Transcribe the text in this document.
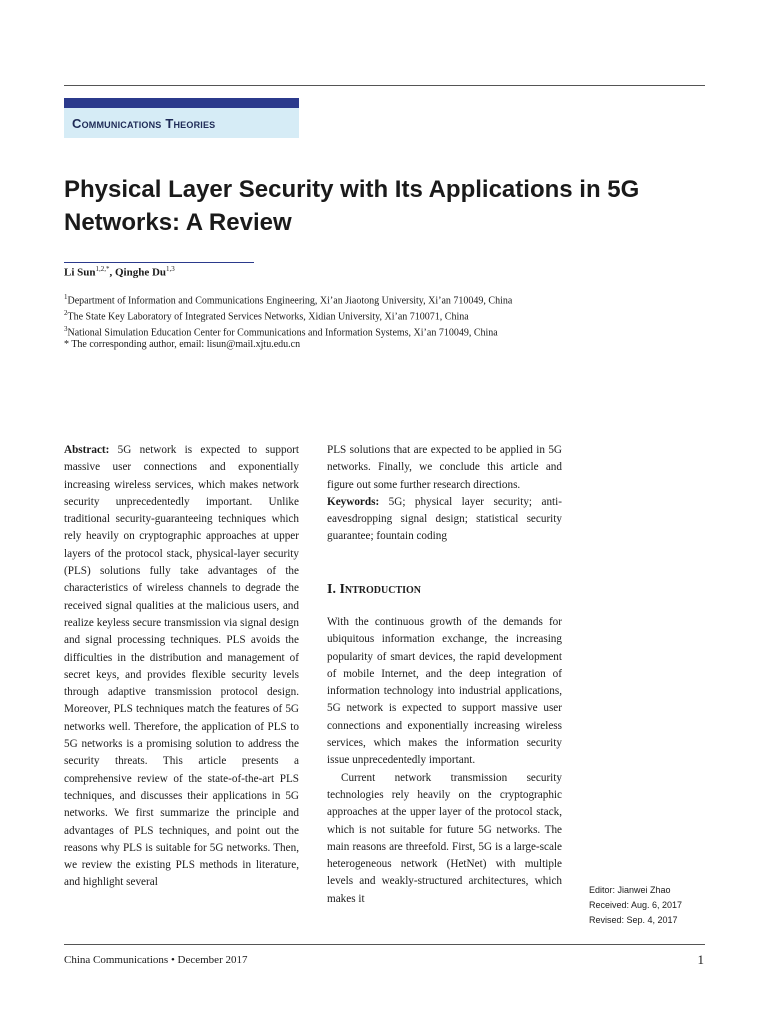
Communications Theories
Physical Layer Security with Its Applications in 5G Networks: A Review
Li Sun$^{1,2,*}$, Qinghe Du$^{1,3}$
$^1$Department of Information and Communications Engineering, Xi’an Jiaotong University, Xi’an 710049, China
$^2$The State Key Laboratory of Integrated Services Networks, Xidian University, Xi’an 710071, China
$^3$National Simulation Education Center for Communications and Information Systems, Xi’an 710049, China
* The corresponding author, email: lisun@mail.xjtu.edu.cn

Abstract: 5G network is expected to support massive user connections and exponentially increasing wireless services, which makes network security unprecedentedly important. Unlike traditional security-guaranteeing techniques which rely heavily on cryptographic approaches at upper layers of the protocol stack, physical-layer security (PLS) solutions fully take advantages of the characteristics of wireless channels to degrade the received signal qualities at the malicious users, and realize keyless secure transmission via signal design and signal processing techniques. PLS avoids the difficulties in the distribution and management of secret keys, and provides flexible security levels through adaptive transmission protocol design. Moreover, PLS techniques match the features of 5G networks well. Therefore, the application of PLS to 5G networks is a promising solution to address the security threats. This article presents a comprehensive review of the state-of-the-art PLS techniques, and discusses their applications in 5G networks. We first summarize the principle and advantages of PLS techniques, and point out the reasons why PLS is suitable for 5G networks. Then, we review the existing PLS methods in literature, and highlight several

PLS solutions that are expected to be applied in 5G networks. Finally, we conclude this article and figure out some further research directions.

Keywords: 5G; physical layer security; anti-eavesdropping signal design; statistical security guarantee; fountain coding

I. Introduction

With the continuous growth of the demands for ubiquitous information exchange, the increasing popularity of smart devices, the rapid development of mobile Internet, and the deep integration of information technology into industrial applications, 5G network is expected to support massive user connections and exponentially increasing wireless services, which makes the information security issue unprecedentedly important.

Current network transmission security technologies rely heavily on the cryptographic approaches at the upper layer of the protocol stack, which is not suitable for future 5G networks. The main reasons are threefold. First, 5G is a large-scale heterogeneous network (HetNet) with multiple levels and weakly-structured architectures, which makes it

Editor: Jianwei Zhao
Received: Aug. 6, 2017
Revised: Sep. 4, 2017
China Communications • December 2017	1
